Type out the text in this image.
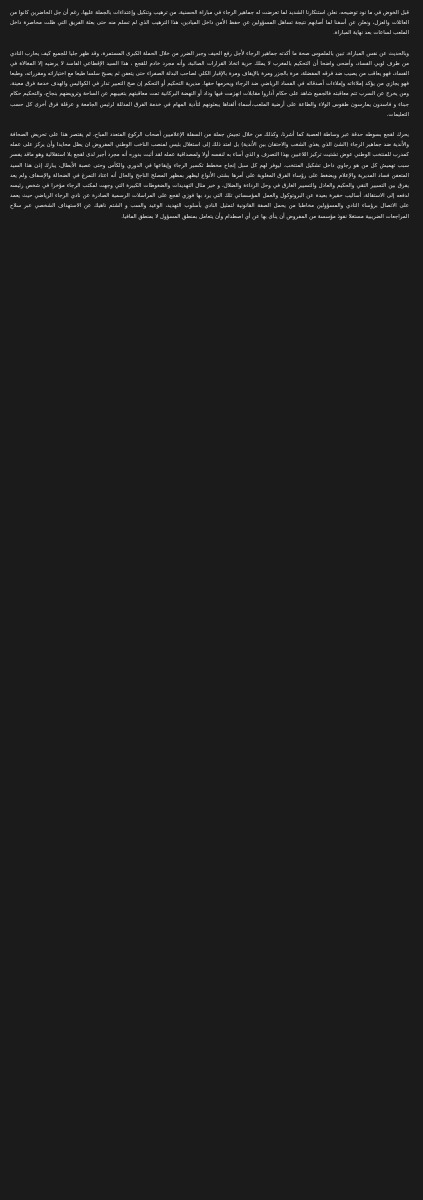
قبل الخوض في ما نود توضيحه، نعلن استنكارنا الشديد لما تعرضت له جماهير الرجاء في مباراة الحسنية، من ترهيب وتنكيل وإعتداءات بالجملة عليها، رغم أن جل الحاضرين كانوا من العائلات والعزل، ونعلن عن أسفنا لما أصابهم نتيجة تساهل المسؤولين عن حفظ الأمن داخل الميادين، هذا الترهيب الذي لم تسلم منه حتى بعثة الفريق التي ظلت محاصرة داخل الملعب لساعات بعد نهاية المباراة.

وبالحديث عن نفس المباراة، تبين بالملموس صحة ما أكدته جماهير الرجاء لأجل رفع الحيف وجبر الضرر من خلال الحملة الكبرى المستمرة، وقد ظهر جليا للجميع كيف يحارب النادي من طرف لوبي الفساد، وأضحى واضحا أن التحكيم بالمغرب لا يملك حرية اتخاذ القرارات الصائبة، وأنه مجرد خادم للقجع ، هذا السيد الإقطاعي الفاسد لا يرضيه إلا المغالاة في الفساد، فهو يعاقب من يصيب ضد فرقه المفضلة، مرة بالجزر ومرة بالإيقاف ومرة بالإقبار الكلي لصاحب البدلة الصفراء حتى يتعفن ثم يصبح سلسا طيعا مع اختياراته ومقرراته، وطبعا فهو يجازي من يؤكد إملاءاته وإملاءات أصدقائه في الفساد الرياضي ضد الرجاء ويحرمها حقها. مديرية التحكيم أو التحكم إن صح التعبير تدار في الكواليس والهدف خدمة فرق معينة، ومن يخرج عن السرب تتم معاقبته فالجميع شاهد على حكام أداروا مقابلات انهزمت فيها وداد أو النهضة البركانية تمت معاقبتهم بتغييبهم عن الساحة وترويضهم بنجاح، والتحكيم حكام جبناء و فاسدون يمارسون طقوس الولاء والطاعة على أرضية الملعب،أسماء ألفناها يبعثونهم لتأدية المهام في خدمة الفرق المدللة لرئيس الجامعة و عرقلة فرق أخرى كل حسب التعليمات.

يحرك لقجع بسوطه حدقة عبر وساطة العصبة كما أشرنا، وكذلك من خلال تجيش جملة من السفلة الإعلاميين أصحاب الركوع المتعدد المباح، لم يقتصر هذا على تحريض الصحافة والأندية ضد جماهير الرجاء (الشئ الذي يغذي الشغب والاحتقان بين الأندية) بل امتد ذلك إلى استغلال بئيس لمنصب الناخب الوطني المفروض ان يظل محايدا وأن يركز على عمله كمدرب للمنتخب الوطني عوض تشتيت تركيز اللاعبين بهذا التصرف و الذي أساء به لنفسه أولا ولمصداقية عمله لقد أثبت بدوره أنه مجرد أجير لدى لقجع بلا استقلالية وهو ماقد يفسر سبب تهميش كل من هو رجاوي داخل تشكيل المنتخب. ليوفر لهم كل سبل إنجاح مخطط تكسير الرجاء وإيقاعها في الدوري والكأس وحتى عصبة الأبطال، يبارك إذن هذا السيد المتعفن فساد المديرية والإعلام ويضغط على رؤساء الفرق المغلوبة على أمرها بشتى الأنواع ليظهر بمظهر المصلح الناجح والحال أنه اعتاد التمرغ في الضحالة والإسفاف ولم يعد يفرق بين التسيير النقي والحكيم والعادل والتسيير الغارق في وحل الرداءة والضلال، و خير مثال التهديدات والضغوطات الكبيرة التي وجهت لمكتب الرجاء مؤخرا في شخص رئيسه لدفعه إلى الاستقالة، أساليب حقيرة بعيدة عن البروتوكول والعمل المؤسساتي تلك التي يرد بها فوزي لقجع على المراسلات الرسمية الصادرة عن نادي الرجاء الرياضي حيث يعمد على الاتصال برؤساء النادي والمسؤولين مخاطبا من يحمل الصفة القانونية لتمثيل النادي بأسلوب التهديد، الوعيد والسب و الشتم ناهيك عن الاستهداف الشخصي عبر سلاح المراجعات الضريبية مستغلا نفوذ مؤسسة من المفروض أن ينأى بها عن أي اصطدام وأن يتعامل بمنطق المسؤول لا بمنطق المافيا.
